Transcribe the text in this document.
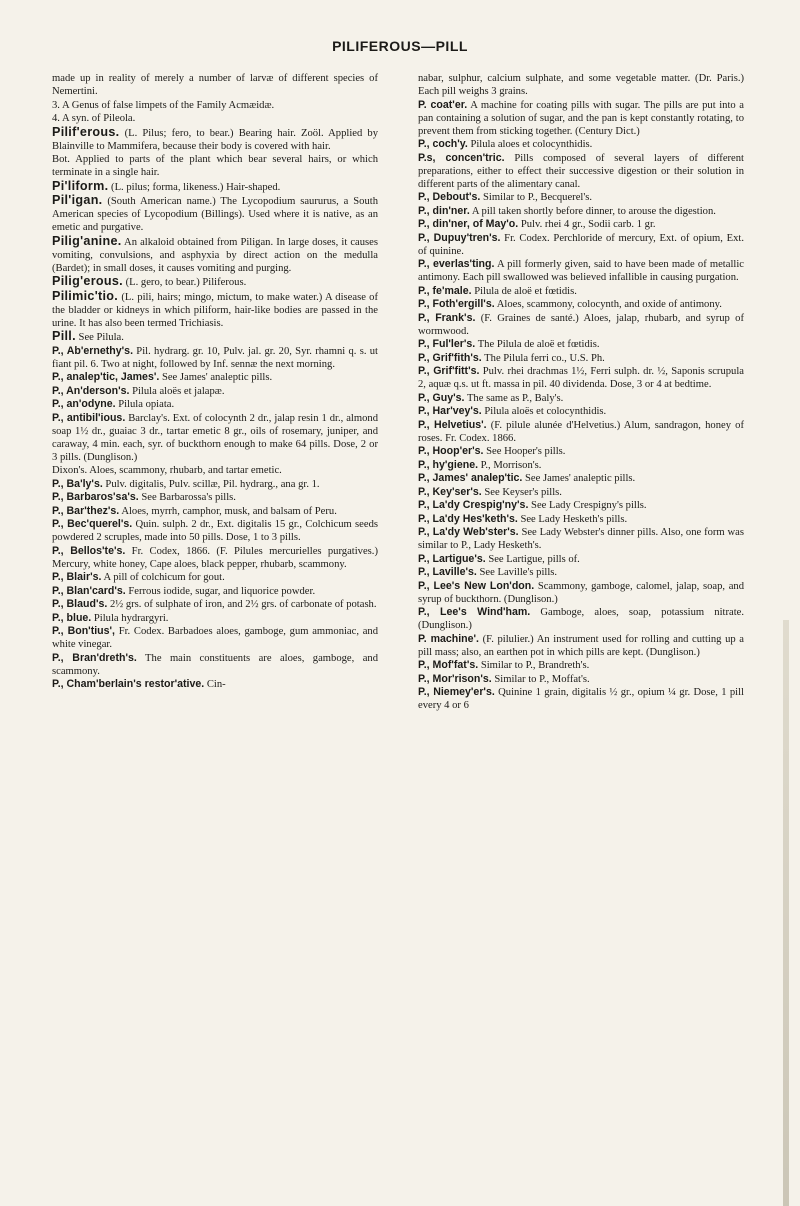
PILIFEROUS—PILL

made up in reality of merely a number of larvæ of different species of Nemertini.

3. A Genus of false limpets of the Family Acmæidæ.

4. A syn. of Pileola.

Pilif'erous. (L. Pilus; fero, to bear.) Bearing hair. Zoöl. Applied by Blainville to Mammifera, because their body is covered with hair.

Bot. Applied to parts of the plant which bear several hairs, or which terminate in a single hair.

Pi'liform. (L. pilus; forma, likeness.) Hair-shaped.

Pil'igan. (South American name.) The Lycopodium saururus, a South American species of Lycopodium (Billings). Used where it is native, as an emetic and purgative.

Pilig'anine. An alkaloid obtained from Piligan. In large doses, it causes vomiting, convulsions, and asphyxia by direct action on the medulla (Bardet); in small doses, it causes vomiting and purging.

Pilig'erous. (L. gero, to bear.) Piliferous.

Pilimic'tio. (L. pili, hairs; mingo, mictum, to make water.) A disease of the bladder or kidneys in which piliform, hair-like bodies are passed in the urine. It has also been termed Trichiasis.

Pill. See Pilula.

P., Ab'ernethy's. Pil. hydrarg. gr. 10, Pulv. jal. gr. 20, Syr. rhamni q. s. ut fiant pil. 6. Two at night, followed by Inf. sennæ the next morning.

P., analep'tic, James'. See James' analeptic pills.

P., An'derson's. Pilula aloës et jalapæ.

P., an'odyne. Pilula opiata.

P., antibil'ious. Barclay's. Ext. of colocynth 2 dr., jalap resin 1 dr., almond soap 1½ dr., guaiac 3 dr., tartar emetic 8 gr., oils of rosemary, juniper, and caraway, 4 min. each, syr. of buckthorn enough to make 64 pills. Dose, 2 or 3 pills. (Dunglison.)

Dixon's. Aloes, scammony, rhubarb, and tartar emetic.

P., Ba'ly's. Pulv. digitalis, Pulv. scillæ, Pil. hydrarg., ana gr. 1.

P., Barbaros'sa's. See Barbarossa's pills.

P., Bar'thez's. Aloes, myrrh, camphor, musk, and balsam of Peru.

P., Bec'querel's. Quin. sulph. 2 dr., Ext. digitalis 15 gr., Colchicum seeds powdered 2 scruples, made into 50 pills. Dose, 1 to 3 pills.

P., Bellos'te's. Fr. Codex, 1866. (F. Pilules mercurielles purgatives.) Mercury, white honey, Cape aloes, black pepper, rhubarb, scammony.

P., Blair's. A pill of colchicum for gout.

P., Blan'card's. Ferrous iodide, sugar, and liquorice powder.

P., Blaud's. 2½ grs. of sulphate of iron, and 2½ grs. of carbonate of potash.

P., blue. Pilula hydrargyri.

P., Bon'tius', Fr. Codex. Barbadoes aloes, gamboge, gum ammoniac, and white vinegar.

P., Bran'dreth's. The main constituents are aloes, gamboge, and scammony.

P., Cham'berlain's restor'ative. Cin-

nabar, sulphur, calcium sulphate, and some vegetable matter. (Dr. Paris.) Each pill weighs 3 grains.

P. coat'er. A machine for coating pills with sugar. The pills are put into a pan containing a solution of sugar, and the pan is kept constantly rotating, to prevent them from sticking together. (Century Dict.)

P., coch'y. Pilula aloes et colocynthidis.

P.s, concen'tric. Pills composed of several layers of different preparations, either to effect their successive digestion or their solution in different parts of the alimentary canal.

P., Debout's. Similar to P., Becquerel's.

P., din'ner. A pill taken shortly before dinner, to arouse the digestion.

P., din'ner, of May'o. Pulv. rhei 4 gr., Sodii carb. 1 gr.

P., Dupuy'tren's. Fr. Codex. Perchloride of mercury, Ext. of opium, Ext. of quinine.

P., everlas'ting. A pill formerly given, said to have been made of metallic antimony. Each pill swallowed was believed infallible in causing purgation.

P., fe'male. Pilula de aloë et fœtidis.

P., Foth'ergill's. Aloes, scammony, colocynth, and oxide of antimony.

P., Frank's. (F. Graines de santé.) Aloes, jalap, rhubarb, and syrup of wormwood.

P., Ful'ler's. The Pilula de aloë et fœtidis.

P., Grif'fith's. The Pilula ferri co., U.S. Ph.

P., Grif'fitt's. Pulv. rhei drachmas 1½, Ferri sulph. dr. ½, Saponis scrupula 2, aquæ q.s. ut ft. massa in pil. 40 dividenda. Dose, 3 or 4 at bedtime.

P., Guy's. The same as P., Baly's.

P., Har'vey's. Pilula aloës et colocynthidis.

P., Helvetius'. (F. pilule alunée d'Helvetius.) Alum, sandragon, honey of roses. Fr. Codex. 1866.

P., Hoop'er's. See Hooper's pills.

P., hy'giene. P., Morrison's.

P., James' analep'tic. See James' analeptic pills.

P., Key'ser's. See Keyser's pills.

P., La'dy Crespig'ny's. See Lady Crespigny's pills.

P., La'dy Hes'keth's. See Lady Hesketh's pills.

P., La'dy Web'ster's. See Lady Webster's dinner pills. Also, one form was similar to P., Lady Hesketh's.

P., Lartigue's. See Lartigue, pills of.

P., Laville's. See Laville's pills.

P., Lee's New Lon'don. Scammony, gamboge, calomel, jalap, soap, and syrup of buckthorn. (Dunglison.)

P., Lee's Wind'ham. Gamboge, aloes, soap, potassium nitrate. (Dunglison.)

P. machine'. (F. pilulier.) An instrument used for rolling and cutting up a pill mass; also, an earthen pot in which pills are kept. (Dunglison.)

P., Mof'fat's. Similar to P., Brandreth's.

P., Mor'rison's. Similar to P., Moffat's.

P., Niemey'er's. Quinine 1 grain, digitalis ½ gr., opium ¼ gr. Dose, 1 pill every 4 or 6
